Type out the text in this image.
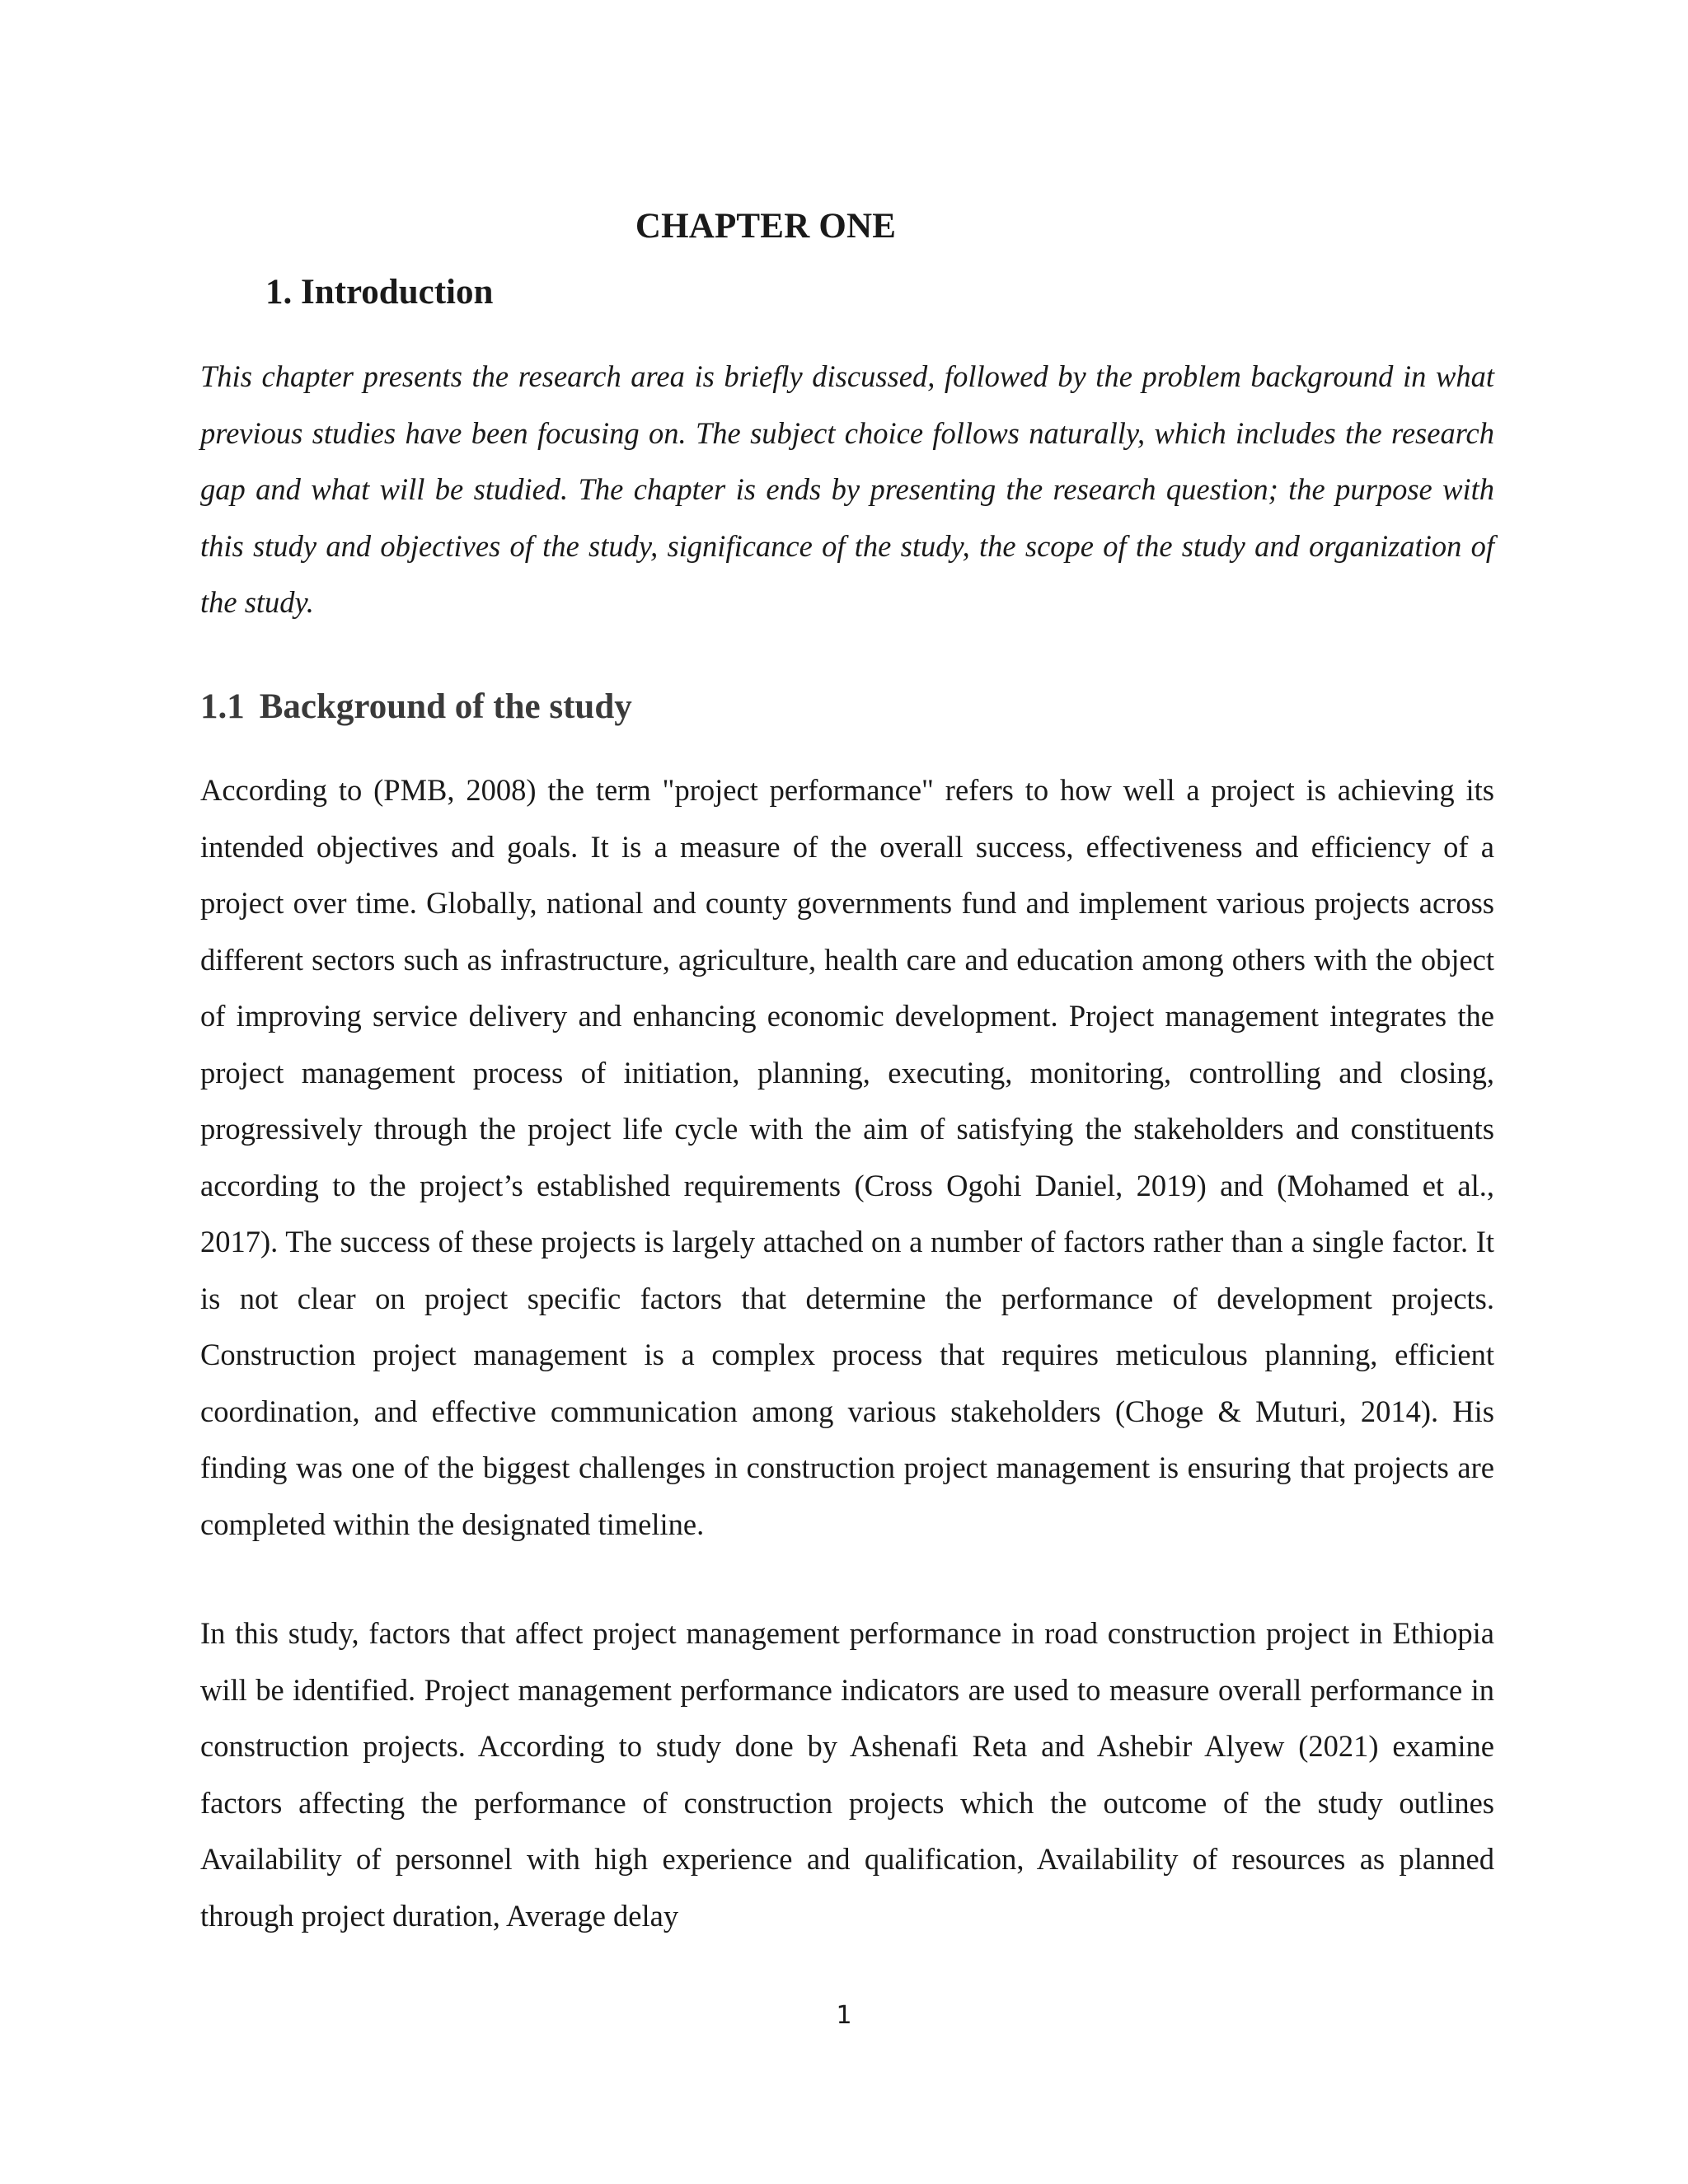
CHAPTER ONE
1. Introduction

This chapter presents the research area is briefly discussed, followed by the problem background in what previous studies have been focusing on. The subject choice follows naturally, which includes the research gap and what will be studied. The chapter is ends by presenting the research question; the purpose with this study and objectives of the study, significance of the study, the scope of the study and organization of the study.

1.1 Background of the study

According to (PMB, 2008) the term "project performance" refers to how well a project is achieving its intended objectives and goals. It is a measure of the overall success, effectiveness and efficiency of a project over time. Globally, national and county governments fund and implement various projects across different sectors such as infrastructure, agriculture, health care and education among others with the object of improving service delivery and enhancing economic development. Project management integrates the project management process of initiation, planning, executing, monitoring, controlling and closing, progressively through the project life cycle with the aim of satisfying the stakeholders and constituents according to the project’s established requirements (Cross Ogohi Daniel, 2019) and (Mohamed et al., 2017). The success of these projects is largely attached on a number of factors rather than a single factor. It is not clear on project specific factors that determine the performance of development projects. Construction project management is a complex process that requires meticulous planning, efficient coordination, and effective communication among various stakeholders (Choge & Muturi, 2014). His finding was one of the biggest challenges in construction project management is ensuring that projects are completed within the designated timeline.

In this study, factors that affect project management performance in road construction project in Ethiopia will be identified. Project management performance indicators are used to measure overall performance in construction projects. According to study done by Ashenafi Reta and Ashebir Alyew (2021) examine factors affecting the performance of construction projects which the outcome of the study outlines Availability of personnel with high experience and qualification, Availability of resources as planned through project duration, Average delay

1
